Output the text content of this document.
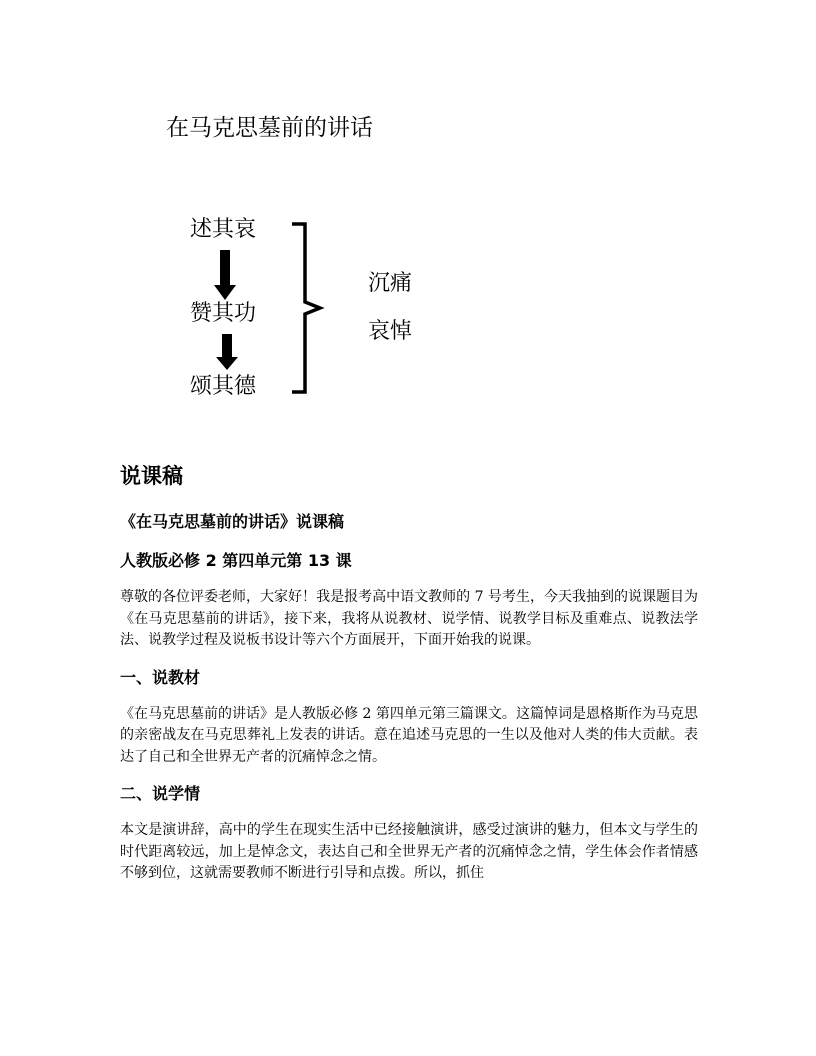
在马克思墓前的讲话
述其哀
赞其功
颂其德
沉痛
哀悼
说课稿
《在马克思墓前的讲话》说课稿
人教版必修 2 第四单元第 13 课

尊敬的各位评委老师，大家好！我是报考高中语文教师的 7 号考生，今天我抽到的说课题目为《在马克思墓前的讲话》，接下来，我将从说教材、说学情、说教学目标及重难点、说教法学法、说教学过程及说板书设计等六个方面展开，下面开始我的说课。

一、说教材

《在马克思墓前的讲话》是人教版必修 2 第四单元第三篇课文。这篇悼词是恩格斯作为马克思的亲密战友在马克思葬礼上发表的讲话。意在追述马克思的一生以及他对人类的伟大贡献。表达了自己和全世界无产者的沉痛悼念之情。

二、说学情

本文是演讲辞，高中的学生在现实生活中已经接触演讲，感受过演讲的魅力，但本文与学生的时代距离较远，加上是悼念文，表达自己和全世界无产者的沉痛悼念之情，学生体会作者情感不够到位，这就需要教师不断进行引导和点拨。所以，抓住
